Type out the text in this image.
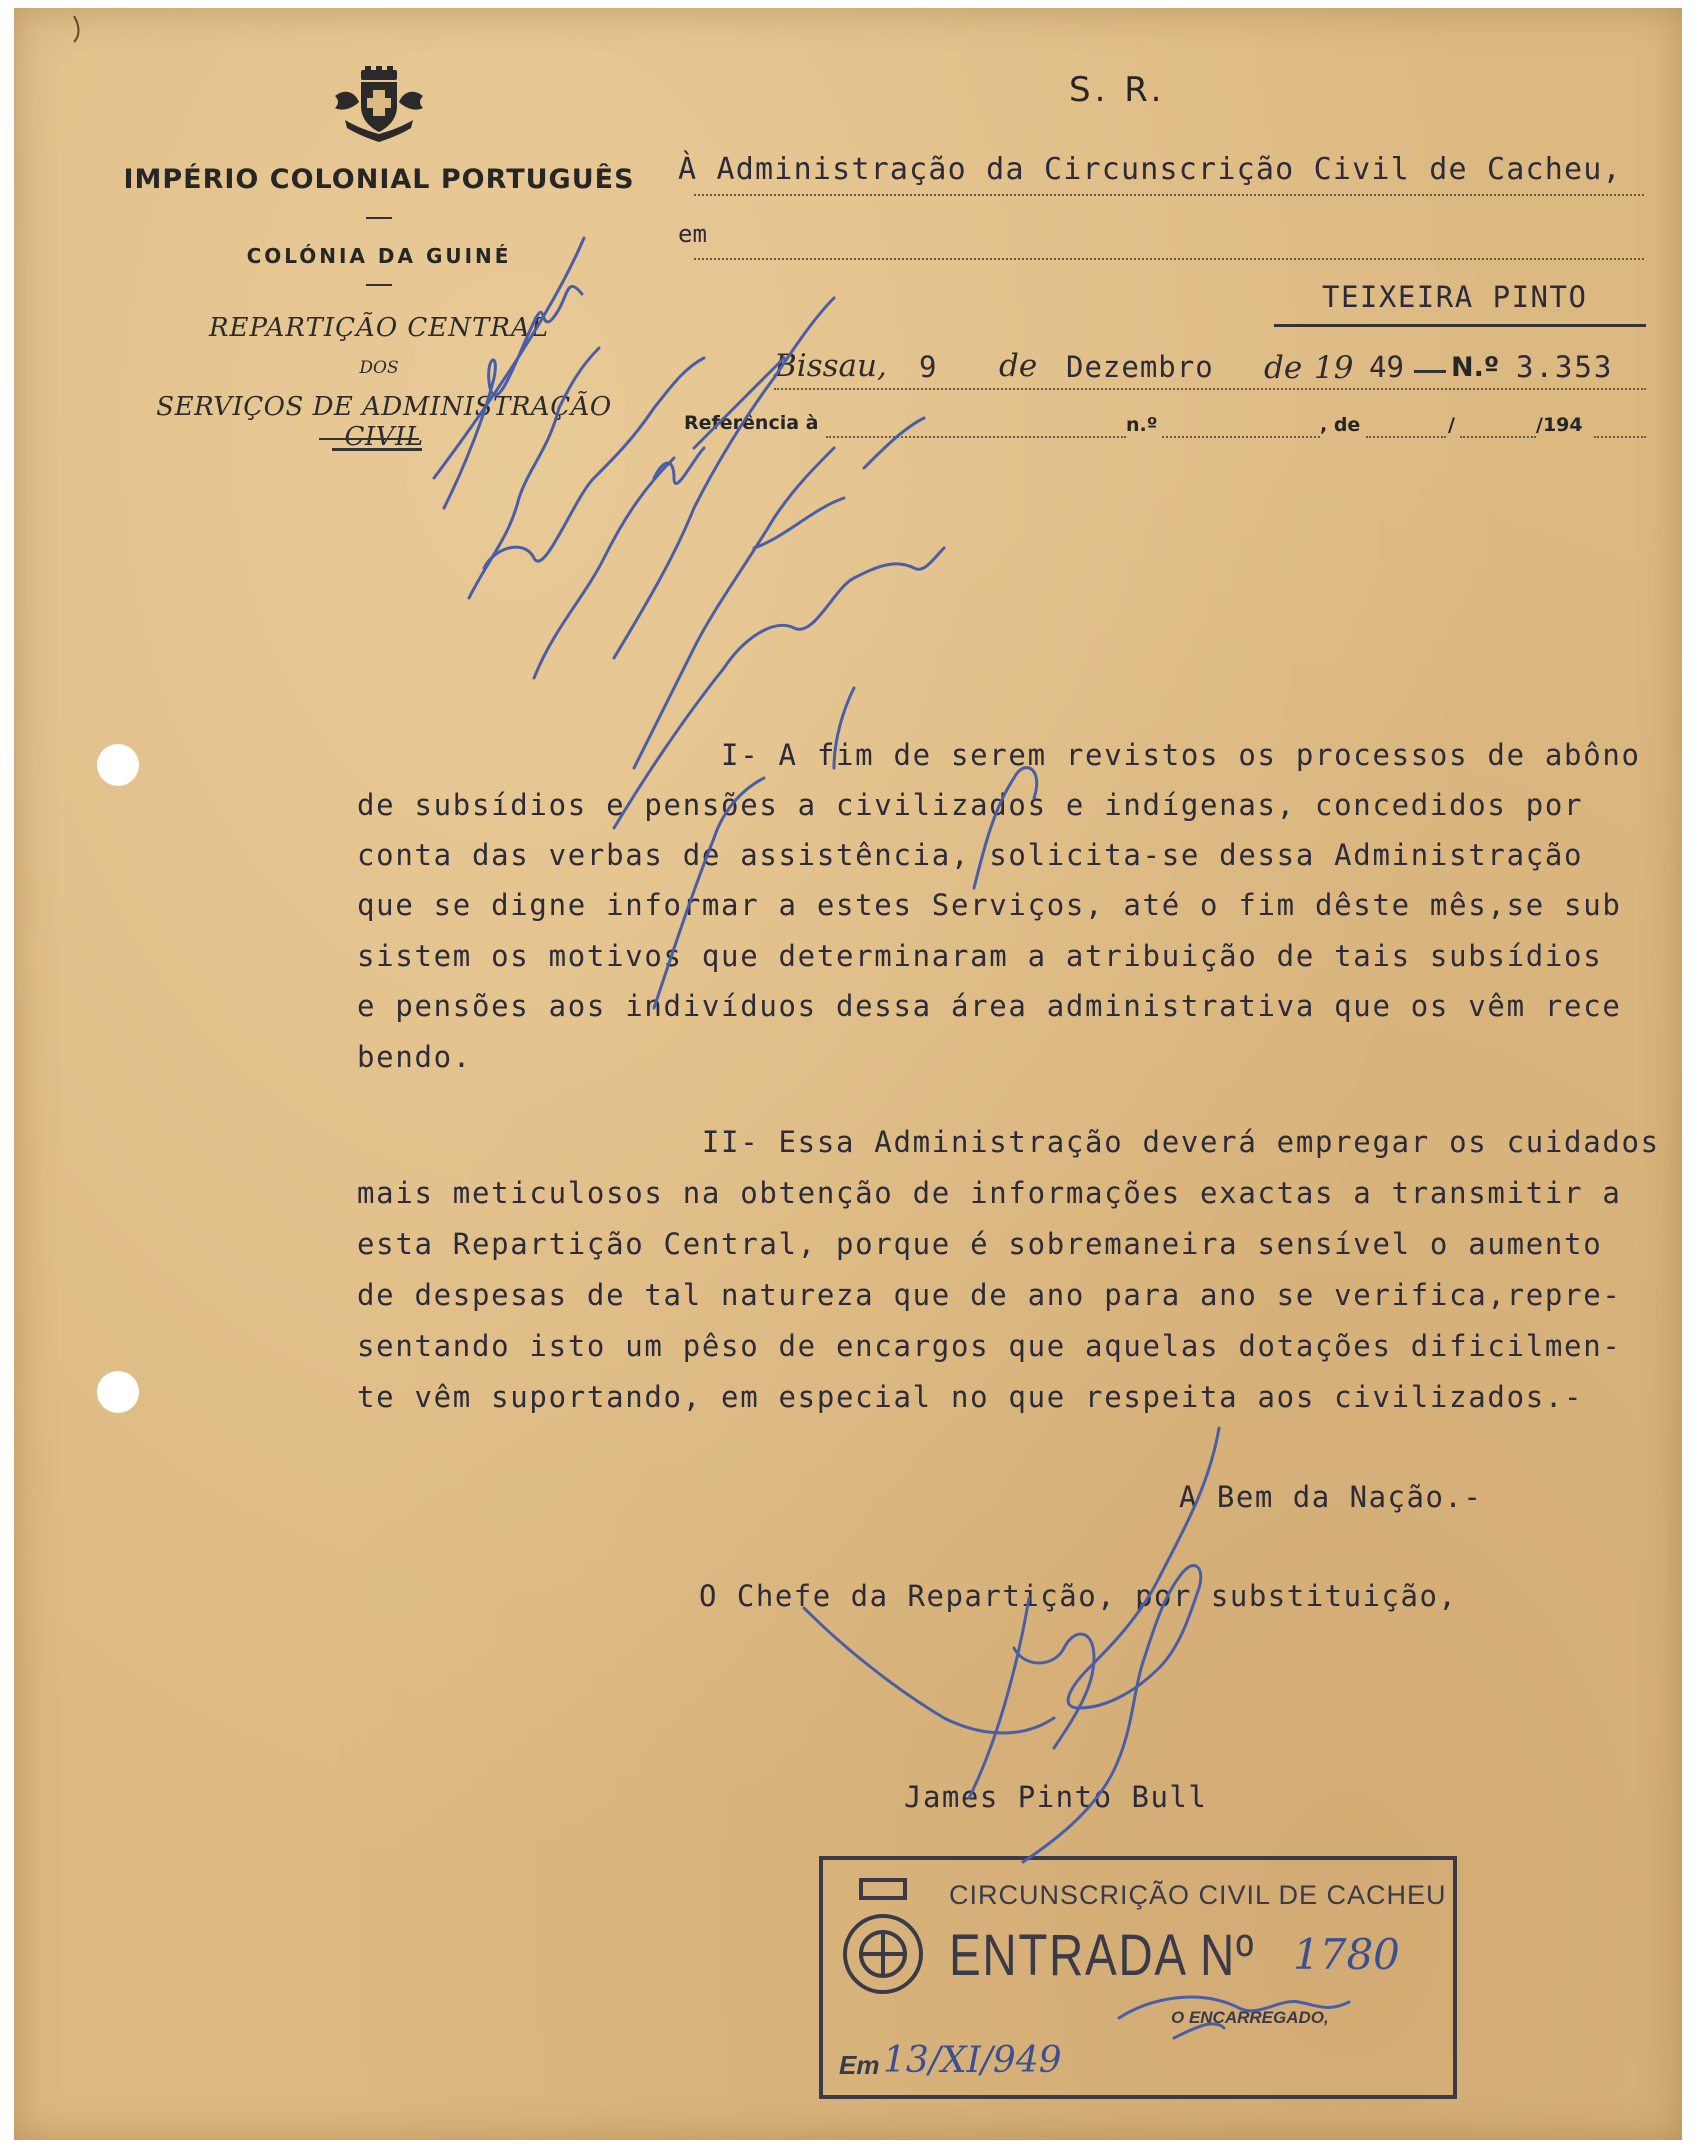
IMPÉRIO COLONIAL PORTUGUÊS
COLÓNIA DA GUINÉ
REPARTIÇÃO CENTRAL
DOS
SERVIÇOS DE ADMINISTRAÇÃO CIVIL
S. R.
À Administração da Circunscrição Civil de Cacheu,
em
TEIXEIRA PINTO
Bissau, 9 de Dezembro de 19 49 N.º 3.353
Referência à	n.º	, de	/	/194
I- A fim de serem revistos os processos de abôno
de subsídios e pensões a civilizados e indígenas, concedidos por
conta das verbas de assistência, solicita-se dessa Administração
que se digne informar a estes Serviços, até o fim dêste mês,se sub
sistem os motivos que determinaram a atribuição de tais subsídios
e pensões aos indivíduos dessa área administrativa que os vêm rece
bendo.
II- Essa Administração deverá empregar os cuidados
mais meticulosos na obtenção de informações exactas a transmitir a
esta Repartição Central, porque é sobremaneira sensível o aumento
de despesas de tal natureza que de ano para ano se verifica,repre-
sentando isto um pêso de encargos que aquelas dotações dificilmen-
te vêm suportando, em especial no que respeita aos civilizados.-
A Bem da Nação.-
O Chefe da Repartição, por substituição,
James Pinto Bull
CIRCUNSCRIÇÃO CIVIL DE CACHEU
ENTRADA Nº 1780
O ENCARREGADO,
Em 13/XI/949
